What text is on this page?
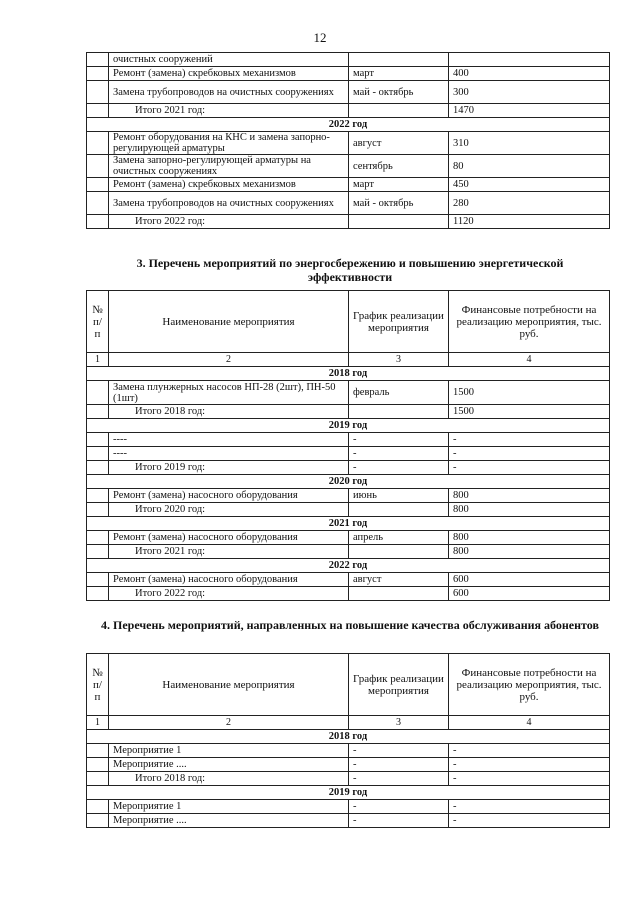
12
	очистных сооружений		
	Ремонт (замена) скребковых механизмов	март	400
	Замена трубопроводов на очистных сооружениях	май - октябрь	300
	Итого 2021 год:		1470
2022 год			
	Ремонт оборудования на КНС и замена запорно-регулирующей арматуры	август	310
	Замена запорно-регулирующей арматуры на очистных сооружениях	сентябрь	80
	Ремонт (замена) скребковых механизмов	март	450
	Замена трубопроводов на очистных сооружениях	май - октябрь	280
	Итого 2022 год:		1120
3. Перечень мероприятий по энергосбережению и повышению энергетической эффективности
№ п/п	Наименование мероприятия	График реализации мероприятия	Финансовые потребности на реализацию мероприятия, тыс. руб.
1	2	3	4
2018 год			
	Замена плунжерных насосов НП-28 (2шт), ПН-50 (1шт)	февраль	1500
	Итого 2018 год:		1500
2019 год			
	----	-	-
	----	-	-
	Итого 2019 год:	-	-
2020 год			
	Ремонт (замена) насосного оборудования	июнь	800
	Итого 2020 год:		800
2021 год			
	Ремонт (замена) насосного оборудования	апрель	800
	Итого 2021 год:		800
2022 год			
	Ремонт (замена) насосного оборудования	август	600
	Итого 2022 год:		600
4. Перечень мероприятий, направленных на повышение качества обслуживания абонентов
№ п/п	Наименование мероприятия	График реализации мероприятия	Финансовые потребности на реализацию мероприятия, тыс. руб.
1	2	3	4
2018 год			
	Мероприятие 1	-	-
	Мероприятие ....	-	-
	Итого 2018 год:	-	-
2019 год			
	Мероприятие 1	-	-
	Мероприятие ....	-	-
